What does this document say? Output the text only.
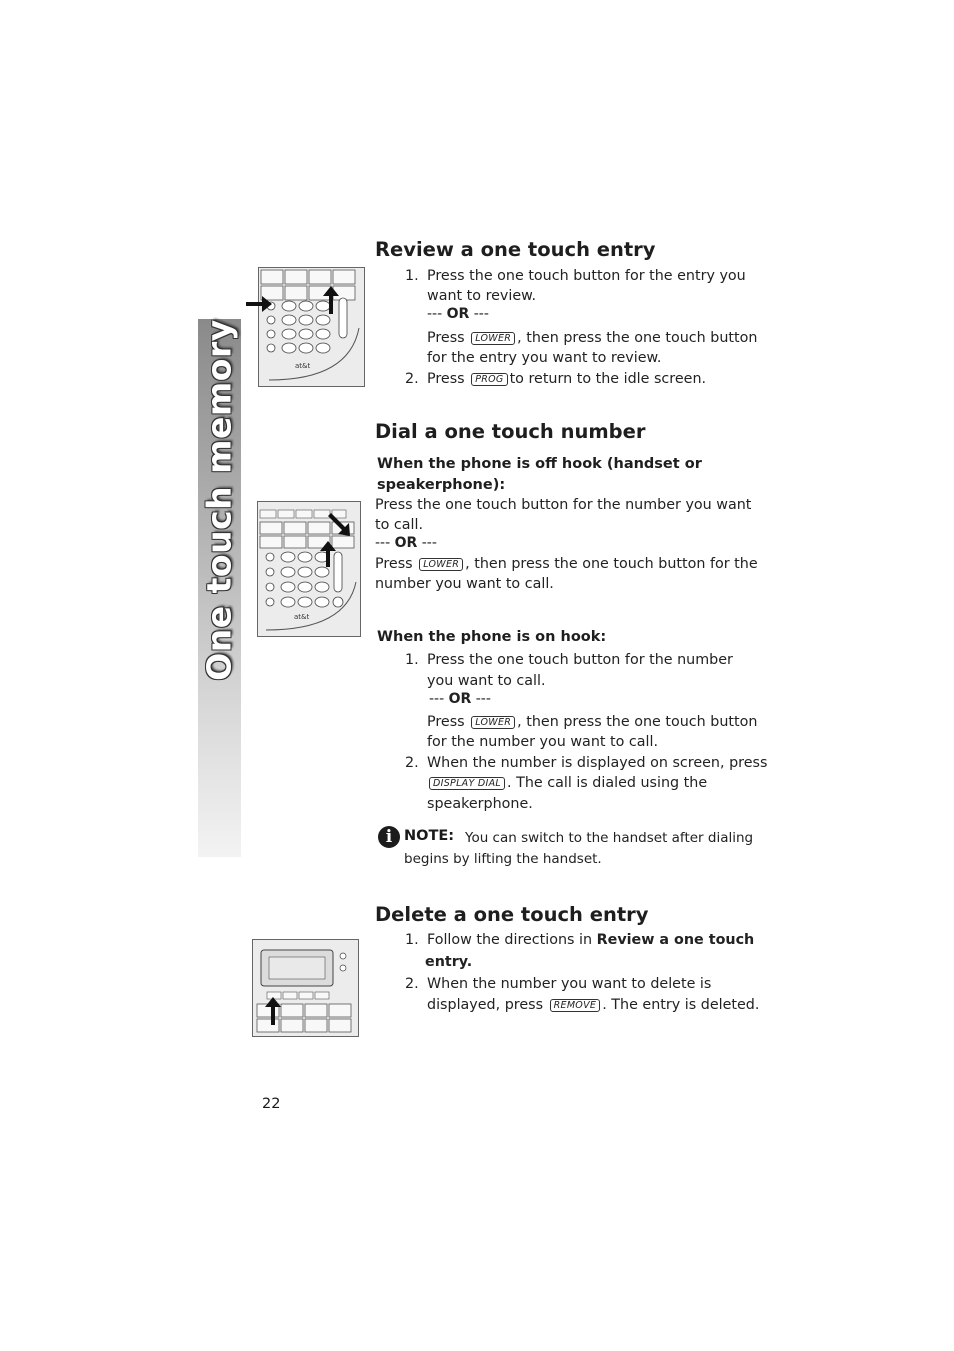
One touch memory
Review a one touch entry
1. Press the one touch button for the entry you
want to review.
--- OR ---
Press LOWER , then press the one touch button
for the entry you want to review.
2. Press PROG to return to the idle screen.
at&t
Dial a one touch number
When the phone is off hook (handset or
speakerphone):
Press the one touch button for the number you want
to call.
--- OR ---
Press LOWER , then press the one touch button for the
number you want to call.
When the phone is on hook:
1. Press the one touch button for the number
you want to call.
--- OR ---
Press LOWER , then press the one touch button
for the number you want to call.
2. When the number is displayed on screen, press
DISPLAY DIAL . The call is dialed using the
speakerphone.
at&t
i NOTE: You can switch to the handset after dialing
begins by lifting the handset.
Delete a one touch entry
1. Follow the directions in Review a one touch
entry.
2. When the number you want to delete is
displayed, press REMOVE . The entry is deleted.
22
